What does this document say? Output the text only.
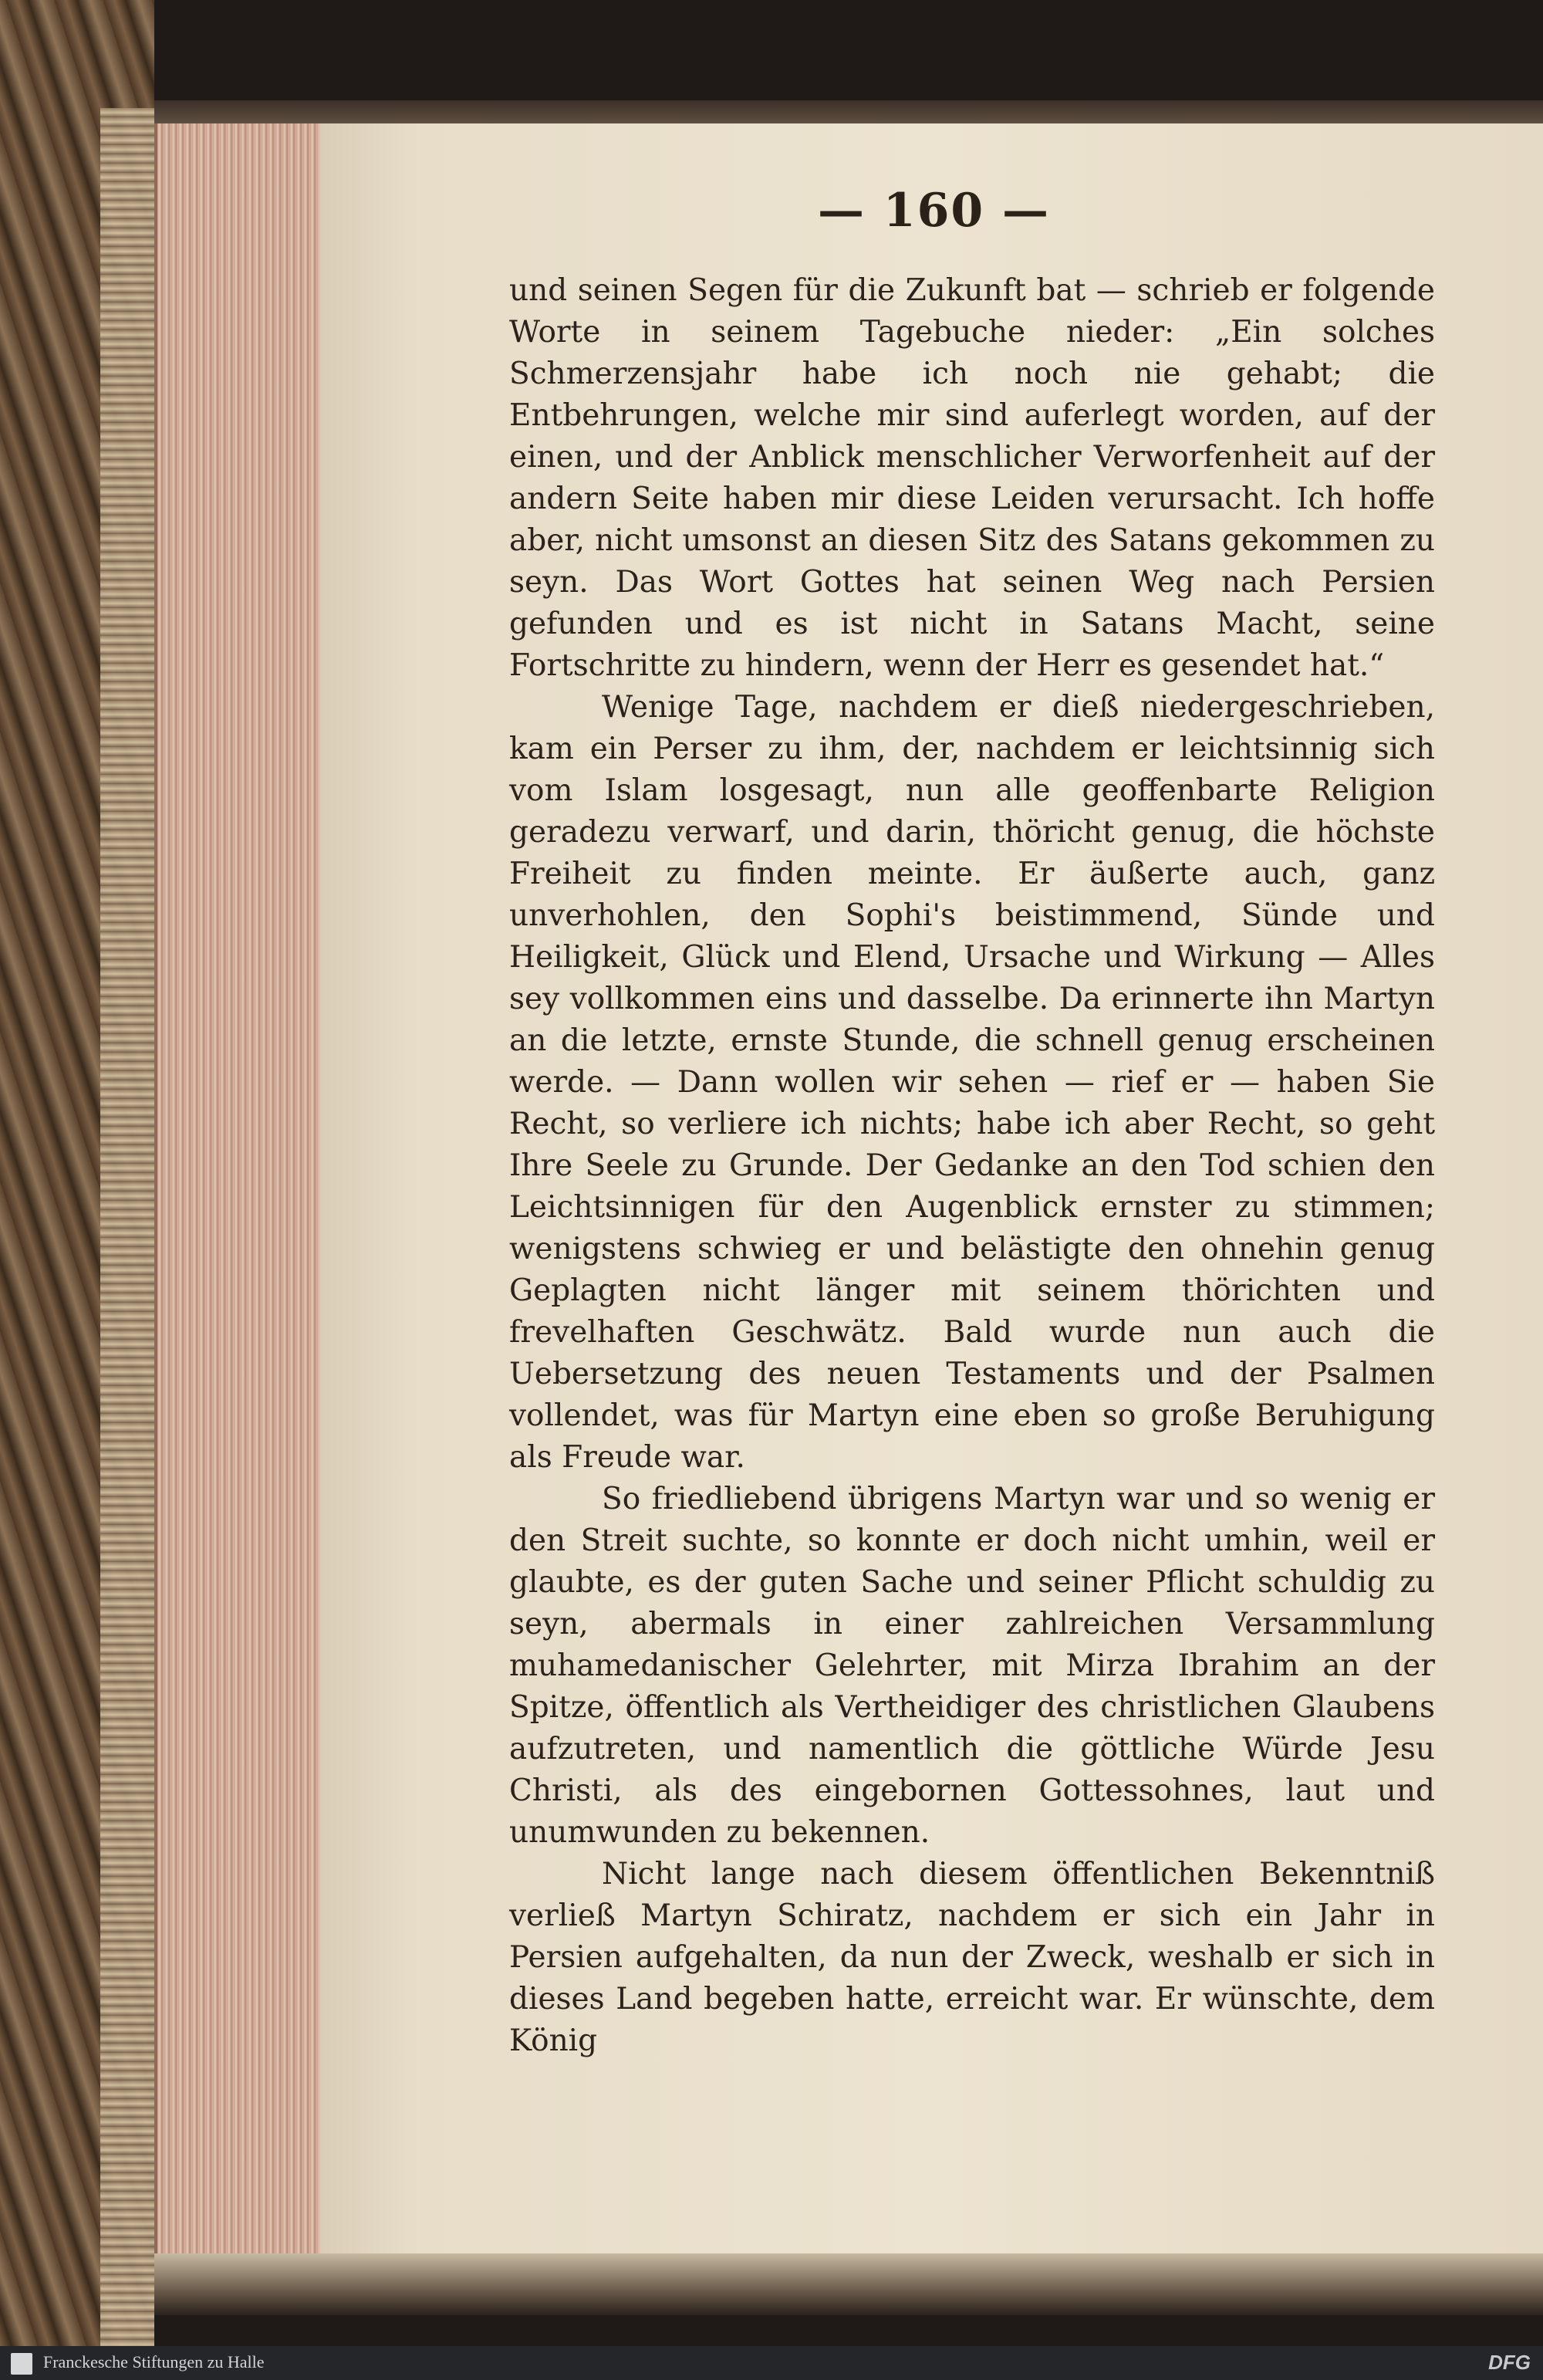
— 160 —

und seinen Segen für die Zukunft bat — schrieb er folgende Worte in seinem Tagebuche nieder: „Ein solches Schmerzensjahr habe ich noch nie gehabt; die Entbehrungen, welche mir sind auferlegt worden, auf der einen, und der Anblick menschlicher Verworfenheit auf der andern Seite haben mir diese Leiden verursacht. Ich hoffe aber, nicht umsonst an diesen Sitz des Satans gekommen zu seyn. Das Wort Gottes hat seinen Weg nach Persien gefunden und es ist nicht in Satans Macht, seine Fortschritte zu hindern, wenn der Herr es gesendet hat.“

Wenige Tage, nachdem er dieß niedergeschrieben, kam ein Perser zu ihm, der, nachdem er leichtsinnig sich vom Islam losgesagt, nun alle geoffenbarte Religion geradezu verwarf, und darin, thöricht genug, die höchste Freiheit zu finden meinte. Er äußerte auch, ganz unverhohlen, den Sophi's beistimmend, Sünde und Heiligkeit, Glück und Elend, Ursache und Wirkung — Alles sey vollkommen eins und dasselbe. Da erinnerte ihn Martyn an die letzte, ernste Stunde, die schnell genug erscheinen werde. — Dann wollen wir sehen — rief er — haben Sie Recht, so verliere ich nichts; habe ich aber Recht, so geht Ihre Seele zu Grunde. Der Gedanke an den Tod schien den Leichtsinnigen für den Augenblick ernster zu stimmen; wenigstens schwieg er und belästigte den ohnehin genug Geplagten nicht länger mit seinem thörichten und frevelhaften Geschwätz. Bald wurde nun auch die Uebersetzung des neuen Testaments und der Psalmen vollendet, was für Martyn eine eben so große Beruhigung als Freude war.

So friedliebend übrigens Martyn war und so wenig er den Streit suchte, so konnte er doch nicht umhin, weil er glaubte, es der guten Sache und seiner Pflicht schuldig zu seyn, abermals in einer zahlreichen Versammlung muhamedanischer Gelehrter, mit Mirza Ibrahim an der Spitze, öffentlich als Vertheidiger des christlichen Glaubens aufzutreten, und namentlich die göttliche Würde Jesu Christi, als des eingebornen Gottessohnes, laut und unumwunden zu bekennen.

Nicht lange nach diesem öffentlichen Bekenntniß verließ Martyn Schiratz, nachdem er sich ein Jahr in Persien aufgehalten, da nun der Zweck, weshalb er sich in dieses Land begeben hatte, erreicht war. Er wünschte, dem König

Franckesche Stiftungen zu Halle	DFG
